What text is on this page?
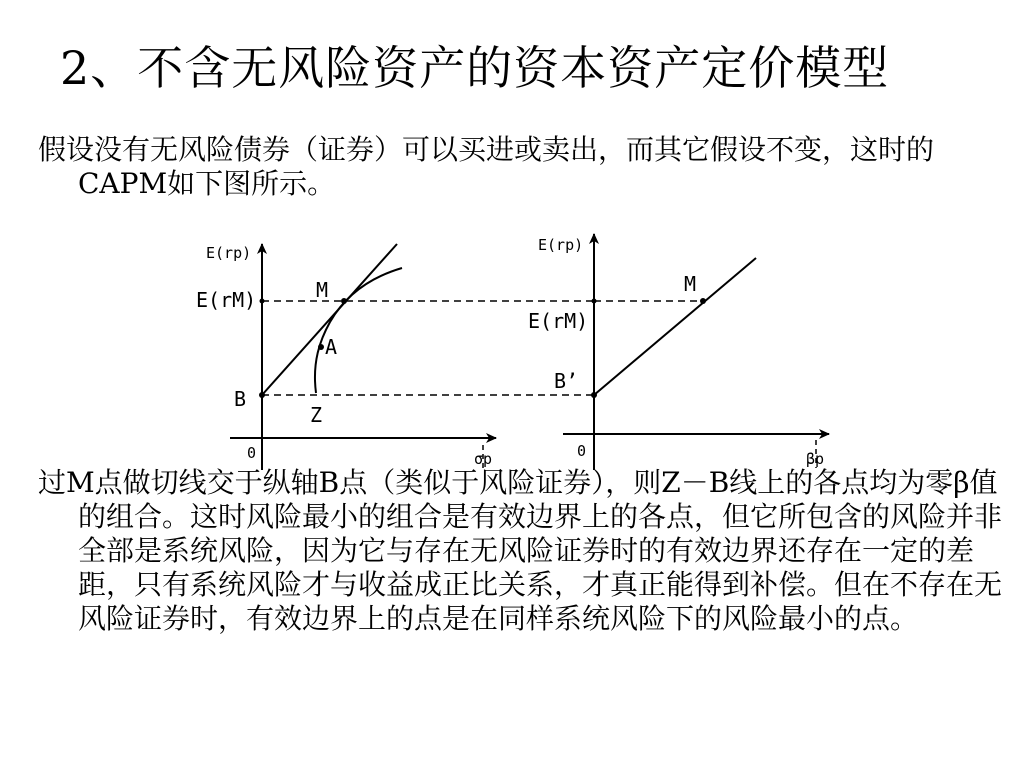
2、不含无风险资产的资本资产定价模型

假设没有无风险债券（证券）可以买进或卖出，而其它假设不变，这时的CAPM如下图所示。

E(rp)
E(rM)	M
A
B
Z
0	σp
E(rp)
M
E(rM)
B’
0	βp

过M点做切线交于纵轴B点（类似于风险证券），则Z－B线上的各点均为零β值的组合。这时风险最小的组合是有效边界上的各点，但它所包含的风险并非全部是系统风险，因为它与存在无风险证券时的有效边界还存在一定的差距，只有系统风险才与收益成正比关系，才真正能得到补偿。但在不存在无风险证券时，有效边界上的点是在同样系统风险下的风险最小的点。
